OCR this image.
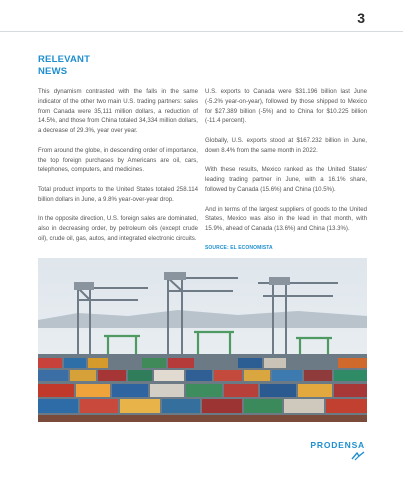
3
RELEVANT
NEWS

This dynamism contrasted with the falls in the same indicator of the other two main U.S. trading partners: sales from Canada were 35,111 million dollars, a reduction of 14.5%, and those from China totaled 34,334 million dollars, a decrease of 29.3%, year over year.

From around the globe, in descending order of importance, the top foreign purchases by Americans are oil, cars, telephones, computers, and medicines.

Total product imports to the United States totaled 258.114 billion dollars in June, a 9.8% year-over-year drop.

In the opposite direction, U.S. foreign sales are dominated, also in decreasing order, by petroleum oils (except crude oil), crude oil, gas, autos, and integrated electronic circuits.

U.S. exports to Canada were $31.196 billion last June (-5.2% year-on-year), followed by those shipped to Mexico for $27.389 billion (-5%) and to China for $10.225 billion (-11.4 percent).

Globally, U.S. exports stood at $167.232 billion in June, down 8.4% from the same month in 2022.

With these results, Mexico ranked as the United States' leading trading partner in June, with a 16.1% share, followed by Canada (15.6%) and China (10.5%).

And in terms of the largest suppliers of goods to the United States, Mexico was also in the lead in that month, with 15.9%, ahead of Canada (13.6%) and China (13.3%).

SOURCE: EL ECONOMISTA

PRODENSA
